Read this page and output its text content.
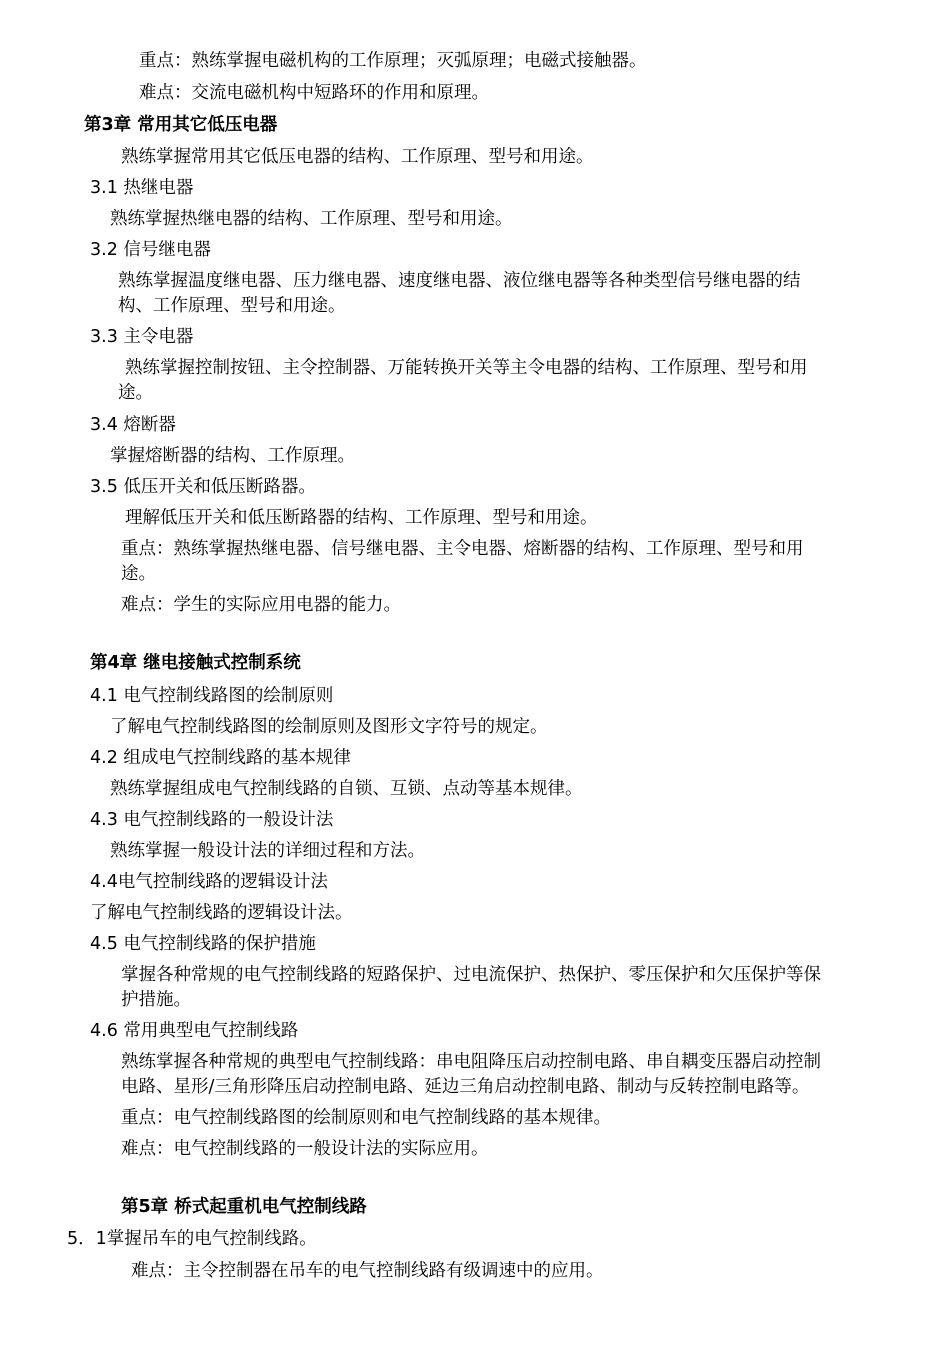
重点：熟练掌握电磁机构的工作原理；灭弧原理；电磁式接触器。
难点：交流电磁机构中短路环的作用和原理。
第3章 常用其它低压电器
熟练掌握常用其它低压电器的结构、工作原理、型号和用途。
3.1 热继电器
熟练掌握热继电器的结构、工作原理、型号和用途。
3.2 信号继电器
熟练掌握温度继电器、压力继电器、速度继电器、液位继电器等各种类型信号继电器的结
构、工作原理、型号和用途。
3.3 主令电器
熟练掌握控制按钮、主令控制器、万能转换开关等主令电器的结构、工作原理、型号和用
途。
3.4 熔断器
掌握熔断器的结构、工作原理。
3.5 低压开关和低压断路器。
理解低压开关和低压断路器的结构、工作原理、型号和用途。
重点：熟练掌握热继电器、信号继电器、主令电器、熔断器的结构、工作原理、型号和用
途。
难点：学生的实际应用电器的能力。
第4章 继电接触式控制系统
4.1 电气控制线路图的绘制原则
了解电气控制线路图的绘制原则及图形文字符号的规定。
4.2 组成电气控制线路的基本规律
熟练掌握组成电气控制线路的自锁、互锁、点动等基本规律。
4.3 电气控制线路的一般设计法
熟练掌握一般设计法的详细过程和方法。
4.4电气控制线路的逻辑设计法
了解电气控制线路的逻辑设计法。
4.5 电气控制线路的保护措施
掌握各种常规的电气控制线路的短路保护、过电流保护、热保护、零压保护和欠压保护等保
护措施。
4.6 常用典型电气控制线路
熟练掌握各种常规的典型电气控制线路：串电阻降压启动控制电路、串自耦变压器启动控制
电路、星形/三角形降压启动控制电路、延边三角启动控制电路、制动与反转控制电路等。
重点：电气控制线路图的绘制原则和电气控制线路的基本规律。
难点：电气控制线路的一般设计法的实际应用。
第5章 桥式起重机电气控制线路
5．1掌握吊车的电气控制线路。
难点：主令控制器在吊车的电气控制线路有级调速中的应用。
